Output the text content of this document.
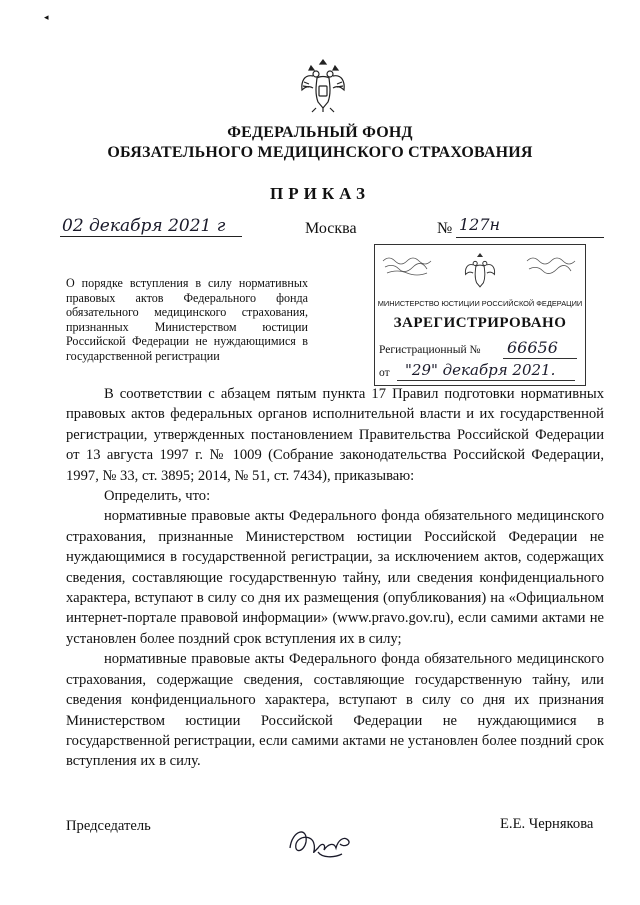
◂
ФЕДЕРАЛЬНЫЙ ФОНД
ОБЯЗАТЕЛЬНОГО МЕДИЦИНСКОГО СТРАХОВАНИЯ
ПРИКАЗ
02 декабря 2021 г	Москва	№ 127н
О порядке вступления в силу нормативных правовых актов Федерального фонда обязательного медицинского страхования, признанных Министерством юстиции Российской Федерации не нуждающимися в государственной регистрации
МИНИСТЕРСТВО ЮСТИЦИИ РОССИЙСКОЙ ФЕДЕРАЦИИ
ЗАРЕГИСТРИРОВАНО
Регистрационный № 66656
от "29" декабря 2021.

В соответствии с абзацем пятым пункта 17 Правил подготовки нормативных правовых актов федеральных органов исполнительной власти и их государственной регистрации, утвержденных постановлением Правительства Российской Федерации от 13 августа 1997 г. № 1009 (Собрание законодательства Российской Федерации, 1997, № 33, ст. 3895; 2014, № 51, ст. 7434), приказываю:

Определить, что:

нормативные правовые акты Федерального фонда обязательного медицинского страхования, признанные Министерством юстиции Российской Федерации не нуждающимися в государственной регистрации, за исключением актов, содержащих сведения, составляющие государственную тайну, или сведения конфиденциального характера, вступают в силу со дня их размещения (опубликования) на «Официальном интернет-портале правовой информации» (www.pravo.gov.ru), если самими актами не установлен более поздний срок вступления их в силу;

нормативные правовые акты Федерального фонда обязательного медицинского страхования, содержащие сведения, составляющие государственную тайну, или сведения конфиденциального характера, вступают в силу со дня их признания Министерством юстиции Российской Федерации не нуждающимися в государственной регистрации, если самими актами не установлен более поздний срок вступления их в силу.

Председатель	Е.Е. Чернякова
